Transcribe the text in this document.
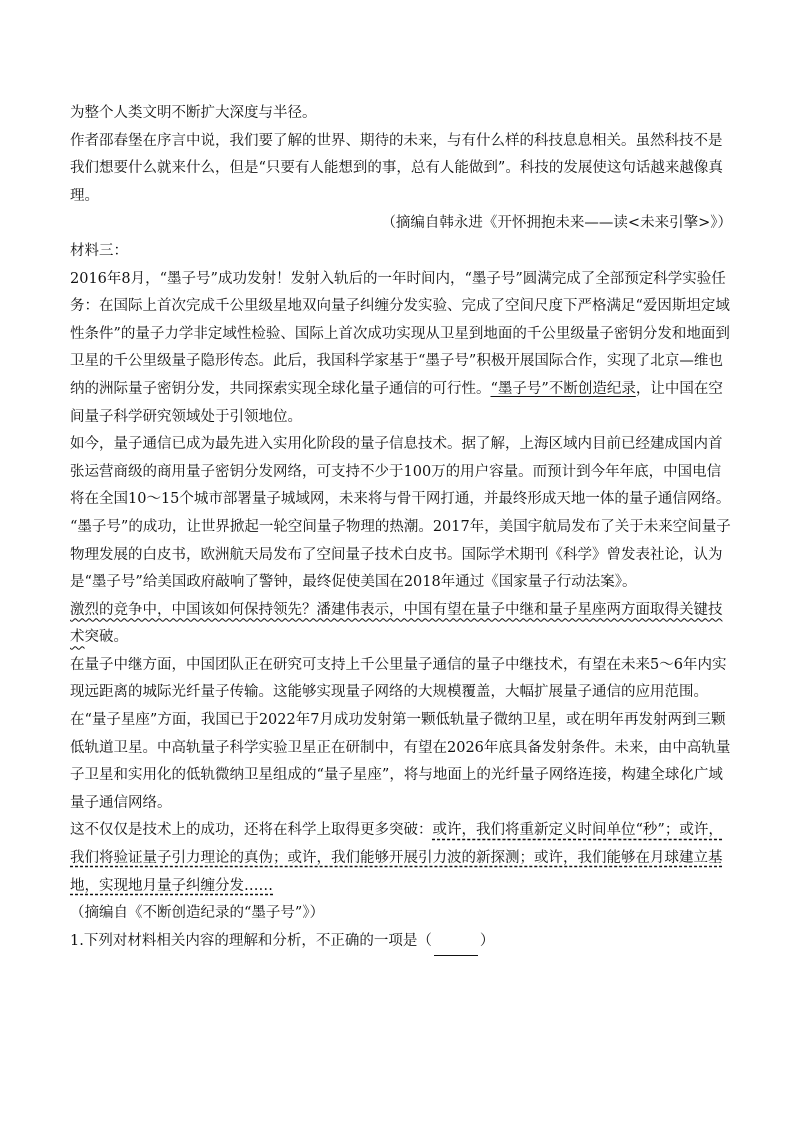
为整个人类文明不断扩大深度与半径。

作者邵春堡在序言中说，我们要了解的世界、期待的未来，与有什么样的科技息息相关。虽然科技不是我们想要什么就来什么，但是“只要有人能想到的事，总有人能做到”。科技的发展使这句话越来越像真理。

（摘编自韩永进《开怀拥抱未来——读<未来引擎>》）

材料三：

2016年8月，“墨子号”成功发射！发射入轨后的一年时间内，“墨子号”圆满完成了全部预定科学实验任务：在国际上首次完成千公里级星地双向量子纠缠分发实验、完成了空间尺度下严格满足“爱因斯坦定域性条件”的量子力学非定域性检验、国际上首次成功实现从卫星到地面的千公里级量子密钥分发和地面到卫星的千公里级量子隐形传态。此后，我国科学家基于“墨子号”积极开展国际合作，实现了北京—维也纳的洲际量子密钥分发，共同探索实现全球化量子通信的可行性。“墨子号”不断创造纪录，让中国在空间量子科学研究领域处于引领地位。

如今，量子通信已成为最先进入实用化阶段的量子信息技术。据了解，上海区域内目前已经建成国内首张运营商级的商用量子密钥分发网络，可支持不少于100万的用户容量。而预计到今年年底，中国电信将在全国10～15个城市部署量子城域网，未来将与骨干网打通，并最终形成天地一体的量子通信网络。

“墨子号”的成功，让世界掀起一轮空间量子物理的热潮。2017年，美国宇航局发布了关于未来空间量子物理发展的白皮书，欧洲航天局发布了空间量子技术白皮书。国际学术期刊《科学》曾发表社论，认为是“墨子号”给美国政府敲响了警钟，最终促使美国在2018年通过《国家量子行动法案》。

激烈的竞争中，中国该如何保持领先？潘建伟表示，中国有望在量子中继和量子星座两方面取得关键技术突破。

在量子中继方面，中国团队正在研究可支持上千公里量子通信的量子中继技术，有望在未来5～6年内实现远距离的城际光纤量子传输。这能够实现量子网络的大规模覆盖，大幅扩展量子通信的应用范围。

在“量子星座”方面，我国已于2022年7月成功发射第一颗低轨量子微纳卫星，或在明年再发射两到三颗低轨道卫星。中高轨量子科学实验卫星正在研制中，有望在2026年底具备发射条件。未来，由中高轨量子卫星和实用化的低轨微纳卫星组成的“量子星座”，将与地面上的光纤量子网络连接，构建全球化广域量子通信网络。

这不仅仅是技术上的成功，还将在科学上取得更多突破：或许，我们将重新定义时间单位“秒”；或许，我们将验证量子引力理论的真伪；或许，我们能够开展引力波的新探测；或许，我们能够在月球建立基地，实现地月量子纠缠分发……

（摘编自《不断创造纪录的“墨子号”》）

1.下列对材料相关内容的理解和分析，不正确的一项是（	）
